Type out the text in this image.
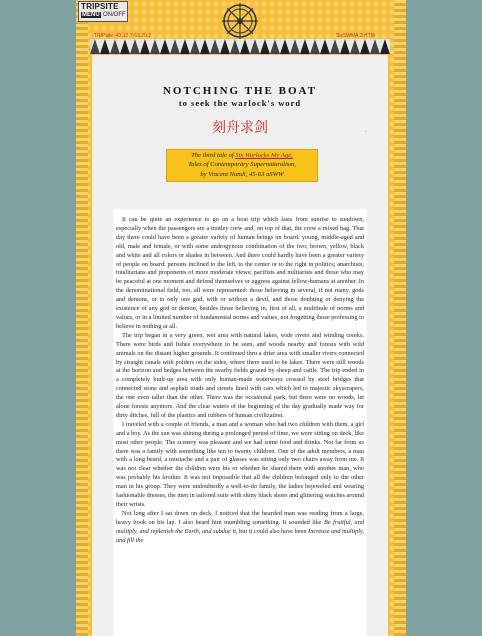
TRIPSITE
MENU ON/OFF
TRIPsite: 43.12.7-63.20.2	SixSWMA:3 HTM
NOTCHING THE BOAT
to seek the warlock's word
刻舟求剑	.
The third tale of Six Warlocks My Age,
Tales of Contemporary Supernaturalism,
by Vincent Nandi, 45-63 aSWW

It can be quite an experience to go on a boat trip which lasts from sunrise to sundown, especially when the passengers are a motley crew and, on top of that, the crew a mixed bag. That day there could have been a greater variety of human beings on board: young, middle-aged and old, male and female, or with some androgynous combination of the two; brown, yellow, black and white and all colors or shades in between. And there could hardly have been a greater variety of people on board: persons inclined to the left, to the center or to the right in politics; anarchists, totalitarians and proponents of more moderate views; pacifists and militarists and those who may be peaceful at one moment and defend themselves or aggress against fellow-humans at another. In the denominational field, too, all were represented: those believing in several, if not many, gods and demons, or in only one god, with or without a devil, and those doubting or denying the existence of any god or demon, besides those believing in, first of all, a multitude of norms and values, or in a limited number of fundamental norms and values, not forgetting those professing to believe in nothing at all.

The trip began in a very green, wet area with natural lakes, wide rivers and winding creeks. There were birds and fishes everywhere to be seen, and woods nearby and forests with wild animals on the distant higher grounds. It continued thru a drier area with smaller rivers connected by straight canals with polders on the sides, where there used to be lakes. There were still woods at the horizon and hedges between the nearby fields grazed by sheep and cattle. The trip ended in a completely built-up area with only human-made waterways crossed by steel bridges that connected stone and asphalt roads and streets lined with cars which led to majestic skyscrapers, the one even taller than the other. There was the occasional park, but there were no woods, let alone forests anymore. And the clear waters of the beginning of the day gradually made way for dirty ditches, full of the plastics and rubbers of human civilization.

I traveled with a couple of friends, a man and a woman who had two children with them, a girl and a boy. As the sun was shining during a prolonged period of time, we were sitting on deck, like most other people. The scenery was pleasant and we had some food and drinks. Not far from us there was a family with something like ten to twenty children. One of the adult members, a man with a long beard, a mustache and a pair of glasses was sitting only two chairs away from me. It was not clear whether the children were his or whether he shared them with another man, who was probably his brother. It was not impossible that all the children belonged only to the other man in his group. They were undoubtedly a well-to-do family, the ladies bejeweled and wearing fashionable dresses, the men in tailored suits with shiny black shoes and glittering watches around their wrists.

Not long after I sat down on deck, I noticed that the bearded man was reading from a large, heavy book on his lap. I also heard him mumbling something. It sounded like Be fruitful, and multiply, and replenish the Earth, and subdue it, but it could also have been Increase and multiply, and fill the
